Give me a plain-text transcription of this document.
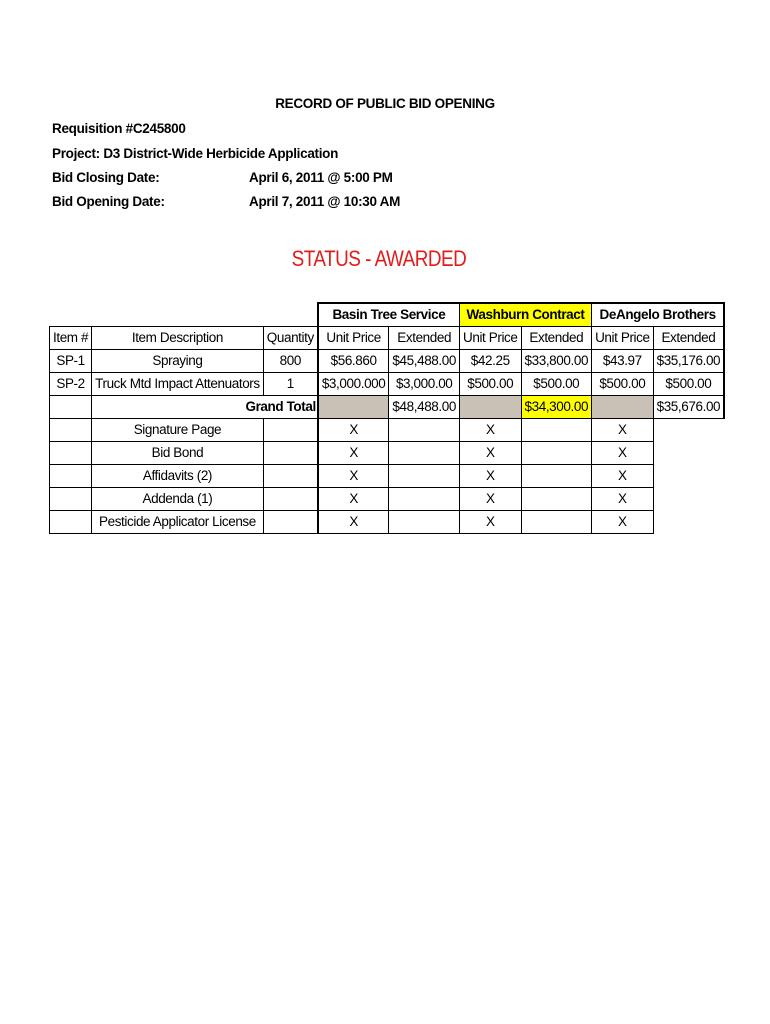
RECORD OF PUBLIC BID OPENING
Requisition #C245800
Project: D3 District-Wide Herbicide Application
Bid Closing Date:	April 6, 2011 @ 5:00 PM
Bid Opening Date:	April 7, 2011 @ 10:30 AM
STATUS - AWARDED
			Basin Tree Service		Washburn Contract		DeAngelo Brothers	
Item #	Item Description	Quantity	Unit Price	Extended	Unit Price	Extended	Unit Price	Extended
SP-1	Spraying	800	$56.860	$45,488.00	$42.25	$33,800.00	$43.97	$35,176.00
SP-2	Truck Mtd Impact Attenuators	1	$3,000.000	$3,000.00	$500.00	$500.00	$500.00	$500.00
	Grand Total			$48,488.00		$34,300.00		$35,676.00
	Signature Page		X		X		X	
	Bid Bond		X		X		X	
	Affidavits (2)		X		X		X	
	Addenda (1)		X		X		X	
	Pesticide Applicator License		X		X		X	
